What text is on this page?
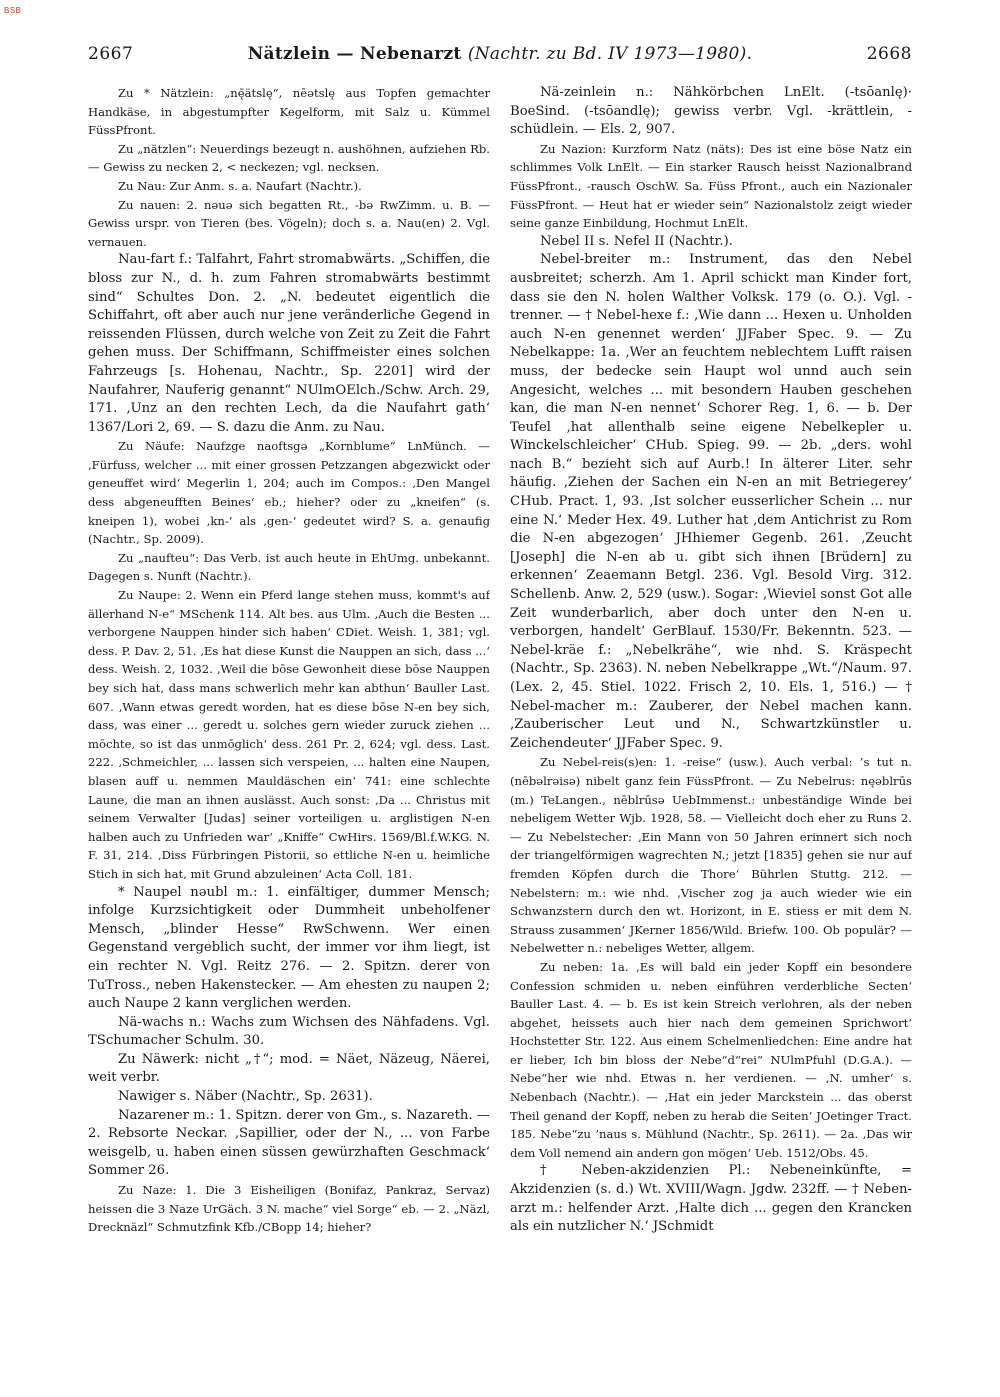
BSB
2667	Nätzlein — Nebenarzt (Nachtr. zu Bd. IV 1973—1980).	2668

Zu * Nätzlein: „nę̄ätslę“, nēətslę aus Topfen gemachter Handkäse, in abgestumpfter Kegelform, mit Salz u. Kümmel FüssPfront.

Zu „nätzlen“: Neuerdings bezeugt n. aushöhnen, aufziehen Rb. — Gewiss zu necken 2, < neckezen; vgl. necksen.

Zu Nau: Zur Anm. s. a. Naufart (Nachtr.).

Zu nauen: 2. nəuə sich begatten Rt., -bə RwZimm. u. B. — Gewiss urspr. von Tieren (bes. Vögeln); doch s. a. Nau(en) 2. Vgl. vernauen.

Nau-fart f.: Talfahrt, Fahrt stromabwärts. „Schiffen, die bloss zur N., d. h. zum Fahren stromabwärts bestimmt sind“ Schultes Don. 2. „N. bedeutet eigentlich die Schiffahrt, oft aber auch nur jene veränderliche Gegend in reissenden Flüssen, durch welche von Zeit zu Zeit die Fahrt gehen muss. Der Schiffmann, Schiffmeister eines solchen Fahrzeugs [s. Hohenau, Nachtr., Sp. 2201] wird der Naufahrer, Nauferig genannt“ NUlmOElch./Schw. Arch. 29, 171. ‚Unz an den rechten Lech, da die Naufahrt gath‘ 1367/Lori 2, 69. — S. dazu die Anm. zu Nau.

Zu Näufe: Naufzge naoftsgə „Kornblume“ LnMünch. — ‚Fürfuss, welcher ... mit einer grossen Petzzangen abgezwickt oder geneuffet wird‘ Megerlin 1, 204; auch im Compos.: ‚Den Mangel dess abgeneufften Beines‘ eb.; hieher? oder zu „kneifen“ (s. kneipen 1), wobei ‚kn-‘ als ‚gen-‘ gedeutet wird? S. a. genaufig (Nachtr., Sp. 2009).

Zu „naufteu“: Das Verb. ist auch heute in EhUmg. unbekannt. Dagegen s. Nunft (Nachtr.).

Zu Naupe: 2. Wenn ein Pferd lange stehen muss, kommt's auf ällerhand N-e“ MSchenk 114. Alt bes. aus Ulm. ‚Auch die Besten ... verborgene Nauppen hinder sich haben‘ CDiet. Weish. 1, 381; vgl. dess. P. Dav. 2, 51. ‚Es hat diese Kunst die Nauppen an sich, dass ...‘ dess. Weish. 2, 1032. ‚Weil die bōse Gewonheit diese bōse Nauppen bey sich hat, dass mans schwerlich mehr kan abthun‘ Bauller Last. 607. ‚Wann etwas geredt worden, hat es diese bōse N-en bey sich, dass, was einer ... geredt u. solches gern wieder zuruck ziehen ... mōchte, so ist das unmōglich‘ dess. 261 Pr. 2, 624; vgl. dess. Last. 222. ‚Schmeichler, ... lassen sich verspeien, ... halten eine Naupen, blasen auff u. nemmen Mauldäschen ein‘ 741: eine schlechte Laune, die man an ihnen auslässt. Auch sonst: ‚Da ... Christus mit seinem Verwalter [Judas] seiner vorteiligen u. arglistigen N-en halben auch zu Unfrieden war‘ „Kniffe“ CwHirs. 1569/Bl.f.W.KG. N. F. 31, 214. ‚Diss Fürbringen Pistorii, so ettliche N-en u. heimliche Stich in sich hat, mit Grund abzuleinen‘ Acta Coll. 181.

* Naupel nəubl m.: 1. einfältiger, dummer Mensch; infolge Kurzsichtigkeit oder Dummheit unbeholfener Mensch, „blinder Hesse“ RwSchwenn. Wer einen Gegenstand vergeblich sucht, der immer vor ihm liegt, ist ein rechter N. Vgl. Reitz 276. — 2. Spitzn. derer von TuTross., neben Hakenstecker. — Am ehesten zu naupen 2; auch Naupe 2 kann verglichen werden.

Nä-wachs n.: Wachs zum Wichsen des Nähfadens. Vgl. TSchumacher Schulm. 30.

Zu Näwerk: nicht „†“; mod. = Näet, Näzeug, Näerei, weit verbr.

Nawiger s. Näber (Nachtr., Sp. 2631).

Nazarener m.: 1. Spitzn. derer von Gm., s. Nazareth. — 2. Rebsorte Neckar. ‚Sapillier, oder der N., ... von Farbe weisgelb, u. haben einen süssen gewürzhaften Geschmack‘ Sommer 26.

Zu Naze: 1. Die 3 Eisheiligen (Bonifaz, Pankraz, Servaz) heissen die 3 Naze UrGäch. 3 N. mache“ viel Sorge“ eb. — 2. „Näzl, Drecknäzl“ Schmutzfink Kfb./CBopp 14; hieher?

Nä-zeinlein n.: Nähkörbchen LnElt. (-tsōanlę)· BoeSind. (-tsōandlę); gewiss verbr. Vgl. -krättlein, -schüdlein. — Els. 2, 907.

Zu Nazion: Kurzform Natz (näts): Des ist eine böse Natz ein schlimmes Volk LnElt. — Ein starker Rausch heisst Nazionalbrand FüssPfront., -rausch OschW. Sa. Füss Pfront., auch ein Nazionaler FüssPfront. — Heut hat er wieder sein“ Nazionalstolz zeigt wieder seine ganze Einbildung, Hochmut LnElt.

Nebel II s. Nefel II (Nachtr.).

Nebel-breiter m.: Instrument, das den Nebel ausbreitet; scherzh. Am 1. April schickt man Kinder fort, dass sie den N. holen Walther Volksk. 179 (o. O.). Vgl. -trenner. — † Nebel-hexe f.: ‚Wie dann ... Hexen u. Unholden auch N-en genennet werden‘ JJFaber Spec. 9. — Zu Nebelkappe: 1a. ‚Wer an feuchtem neblechtem Lufft raisen muss, der bedecke sein Haupt wol unnd auch sein Angesicht, welches ... mit besondern Hauben geschehen kan, die man N-en nennet‘ Schorer Reg. 1, 6. — b. Der Teufel ‚hat allenthalb seine eigene Nebelkepler u. Winckelschleicher‘ CHub. Spieg. 99. — 2b. „ders. wohl nach B.“ bezieht sich auf Aurb.! In älterer Liter. sehr häufig. ‚Ziehen der Sachen ein N-en an mit Betriegerey‘ CHub. Pract. 1, 93. ‚Ist solcher eusserlicher Schein ... nur eine N.‘ Meder Hex. 49. Luther hat ‚dem Antichrist zu Rom die N-en abgezogen‘ JHhiemer Gegenb. 261. ‚Zeucht [Joseph] die N-en ab u. gibt sich ihnen [Brüdern] zu erkennen‘ Zeaemann Betgl. 236. Vgl. Besold Virg. 312. Schellenb. Anw. 2, 529 (usw.). Sogar: ‚Wieviel sonst Got alle Zeit wunderbarlich, aber doch unter den N-en u. verborgen, handelt‘ GerBlauf. 1530/Fr. Bekenntn. 523. — Nebel-kräe f.: „Nebelkrähe“, wie nhd. S. Kräspecht (Nachtr., Sp. 2363). N. neben Nebelkrappe „Wt.“/Naum. 97. (Lex. 2, 45. Stiel. 1022. Frisch 2, 10. Els. 1, 516.) — † Nebel-macher m.: Zauberer, der Nebel machen kann. ‚Zauberischer Leut und N., Schwartzkünstler u. Zeichendeuter‘ JJFaber Spec. 9.

Zu Nebel-reis(s)en: 1. -reise“ (usw.). Auch verbal: ’s tut n. (nēbəlrəisə) nibelt ganz fein FüssPfront. — Zu Nebelrus: nęəblrūs (m.) TeLangen., nēblrūsə UebImmenst.: unbeständige Winde bei nebeligem Wetter Wjb. 1928, 58. — Vielleicht doch eher zu Runs 2. — Zu Nebelstecher: ‚Ein Mann von 50 Jahren erinnert sich noch der triangelförmigen wagrechten N.; jetzt [1835] gehen sie nur auf fremden Köpfen durch die Thore‘ Bührlen Stuttg. 212. — Nebelstern: m.: wie nhd. ‚Vischer zog ja auch wieder wie ein Schwanzstern durch den wt. Horizont, in E. stiess er mit dem N. Strauss zusammen‘ JKerner 1856/Wild. Briefw. 100. Ob populär? — Nebelwetter n.: nebeliges Wetter, allgem.

Zu neben: 1a. ‚Es will bald ein jeder Kopff ein besondere Confession schmiden u. neben einführen verderbliche Secten‘ Bauller Last. 4. — b. Es ist kein Streich verlohren, als der neben abgehet, heissets auch hier nach dem gemeinen Sprichwort‘ Hochstetter Str. 122. Aus einem Schelmenliedchen: Eine andre hat er lieber, Ich bin bloss der Nebe“d“rei“ NUlmPfuhl (D.G.A.). — Nebe“her wie nhd. Etwas n. her verdienen. — ‚N. umher‘ s. Nebenbach (Nachtr.). — ‚Hat ein jeder Marckstein ... das oberst Theil genand der Kopff, neben zu herab die Seiten‘ JOetinger Tract. 185. Nebe“zu ’naus s. Mühlund (Nachtr., Sp. 2611). — 2a. ‚Das wir dem Voll nemend ain andern gon mögen‘ Ueb. 1512/Obs. 45.

† Neben-akzidenzien Pl.: Nebeneinkünfte, = Akzidenzien (s. d.) Wt. XVIII/Wagn. Jgdw. 232ff. — † Neben-arzt m.: helfender Arzt. ‚Halte dich ... gegen den Krancken als ein nutzlicher N.‘ JSchmidt
